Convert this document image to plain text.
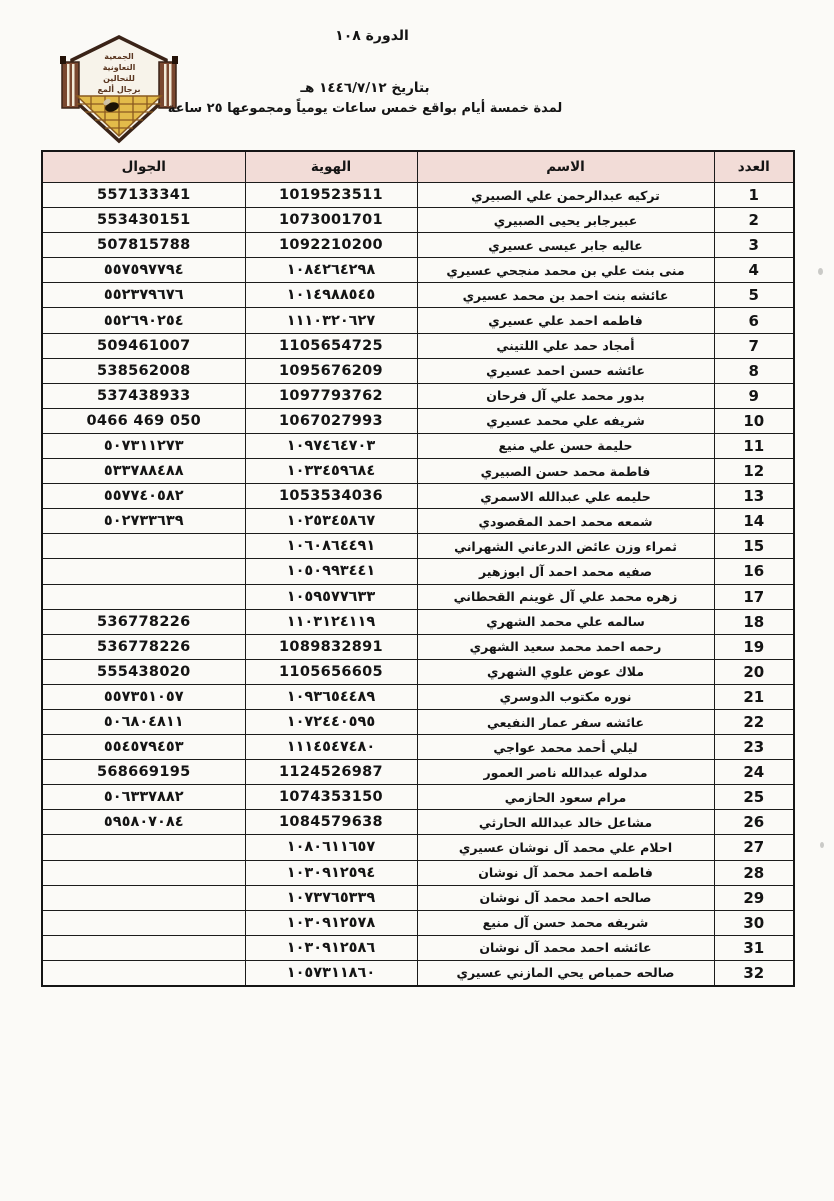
الجمعية
التعاونية
للنحالين
برجال ألمع
الدورة ١٠٨
بتاريخ ١٤٤٦/٧/١٢ هـ
لمدة خمسة أيام بواقع خمس ساعات يومياً ومجموعها ٢٥ ساعة
العدد	الاسم	الهوية	الجوال
1	تركيه عبدالرحمن علي الصبيري	1019523511	557133341
2	عبيرجابر يحيى الصبيري	1073001701	553430151
3	عاليه جابر عيسى عسيري	1092210200	507815788
4	منى بنت علي بن محمد منجحي عسيري	١٠٨٤٢٦٤٢٩٨	٥٥٧٥٩٧٧٩٤
5	عائشه بنت احمد بن محمد عسيري	١٠١٤٩٨٨٥٤٥	٥٥٢٣٧٩٦٧٦
6	فاطمه احمد علي عسيري	١١١٠٣٢٠٦٢٧	٥٥٢٦٩٠٢٥٤
7	أمجاد حمد علي اللتيني	1105654725	509461007
8	عائشه حسن احمد عسيري	1095676209	538562008
9	بدور محمد علي آل فرحان	1097793762	537438933
10	شريفه علي محمد عسيري	1067027993	050 469 0466
11	حليمة حسن علي منيع	١٠٩٧٤٦٤٧٠٣	٥٠٧٣١١٢٧٣
12	فاطمة محمد حسن الصبيري	١٠٣٣٤٥٩٦٨٤	٥٣٣٧٨٨٤٨٨
13	حليمه علي عبدالله الاسمري	1053534036	٥٥٧٧٤٠٥٨٢
14	شمعه محمد احمد المقصودي	١٠٢٥٣٤٥٨٦٧	٥٠٢٧٣٣٦٣٩
15	ثمراء وزن عائض الدرعاني الشهراني	١٠٦٠٨٦٤٤٩١	
16	صفيه محمد احمد آل ابوزهير	١٠٥٠٩٩٣٤٤١	
17	زهره محمد علي آل غوينم القحطاني	١٠٥٩٥٧٧٦٣٣	
18	سالمه علي محمد الشهري	١١٠٣١٢٤١١٩	536778226
19	رحمه احمد محمد سعيد الشهري	1089832891	536778226
20	ملاك عوض علوي الشهري	1105656605	555438020
21	نوره مكتوب الدوسري	١٠٩٣٦٥٤٤٨٩	٥٥٧٣٥١٠٥٧
22	عائشه سفر عمار النفيعي	١٠٧٢٤٤٠٥٩٥	٥٠٦٨٠٤٨١١
23	ليلي أحمد محمد عواجي	١١١٤٥٤٧٤٨٠	٥٥٤٥٧٩٤٥٣
24	مدلوله عبدالله ناصر العمور	1124526987	568669195
25	مرام سعود الحازمي	1074353150	٥٠٦٣٣٧٨٨٢
26	مشاعل خالد عبدالله الحارثي	1084579638	٥٩٥٨٠٧٠٨٤
27	احلام علي محمد آل نوشان عسيري	١٠٨٠٦١١٦٥٧	
28	فاطمه احمد محمد آل نوشان	١٠٣٠٩١٢٥٩٤	
29	صالحه احمد محمد آل نوشان	١٠٧٣٧٦٥٣٣٩	
30	شريفه محمد حسن آل منيع	١٠٣٠٩١٢٥٧٨	
31	عائشه احمد محمد آل نوشان	١٠٣٠٩١٢٥٨٦	
32	صالحه حمباص يحي المازني عسيري	١٠٥٧٣١١٨٦٠	
